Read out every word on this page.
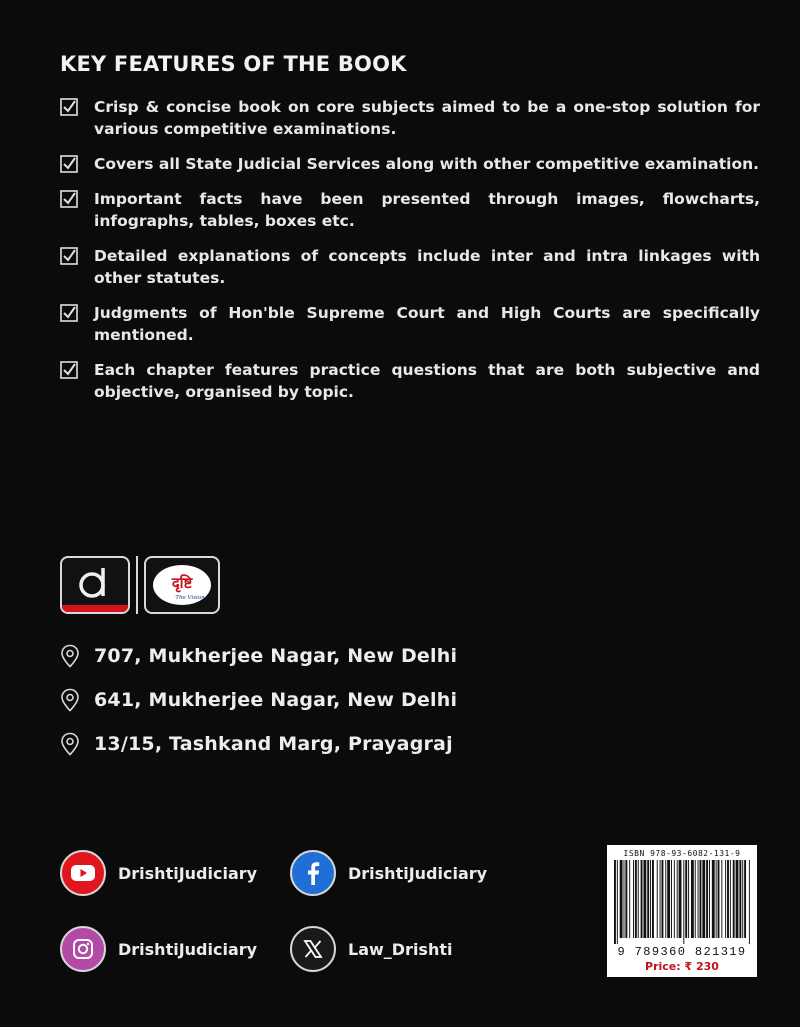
KEY FEATURES OF THE BOOK
Crisp & concise book on core subjects aimed to be a one-stop solution for various competitive examinations.
Covers all State Judicial Services along with other competitive examination.
Important facts have been presented through images, flowcharts, infographs, tables, boxes etc.
Detailed explanations of concepts include inter and intra linkages with other statutes.
Judgments of Hon'ble Supreme Court and High Courts are specifically mentioned.
Each chapter features practice questions that are both subjective and objective, organised by topic.
दृष्टि
The Vision
707, Mukherjee Nagar, New Delhi
641, Mukherjee Nagar, New Delhi
13/15, Tashkand Marg, Prayagraj
DrishtiJudiciary	DrishtiJudiciary
DrishtiJudiciary	Law_Drishti
ISBN 978-93-6082-131-9
9 789360 821319
Price: ₹ 230
